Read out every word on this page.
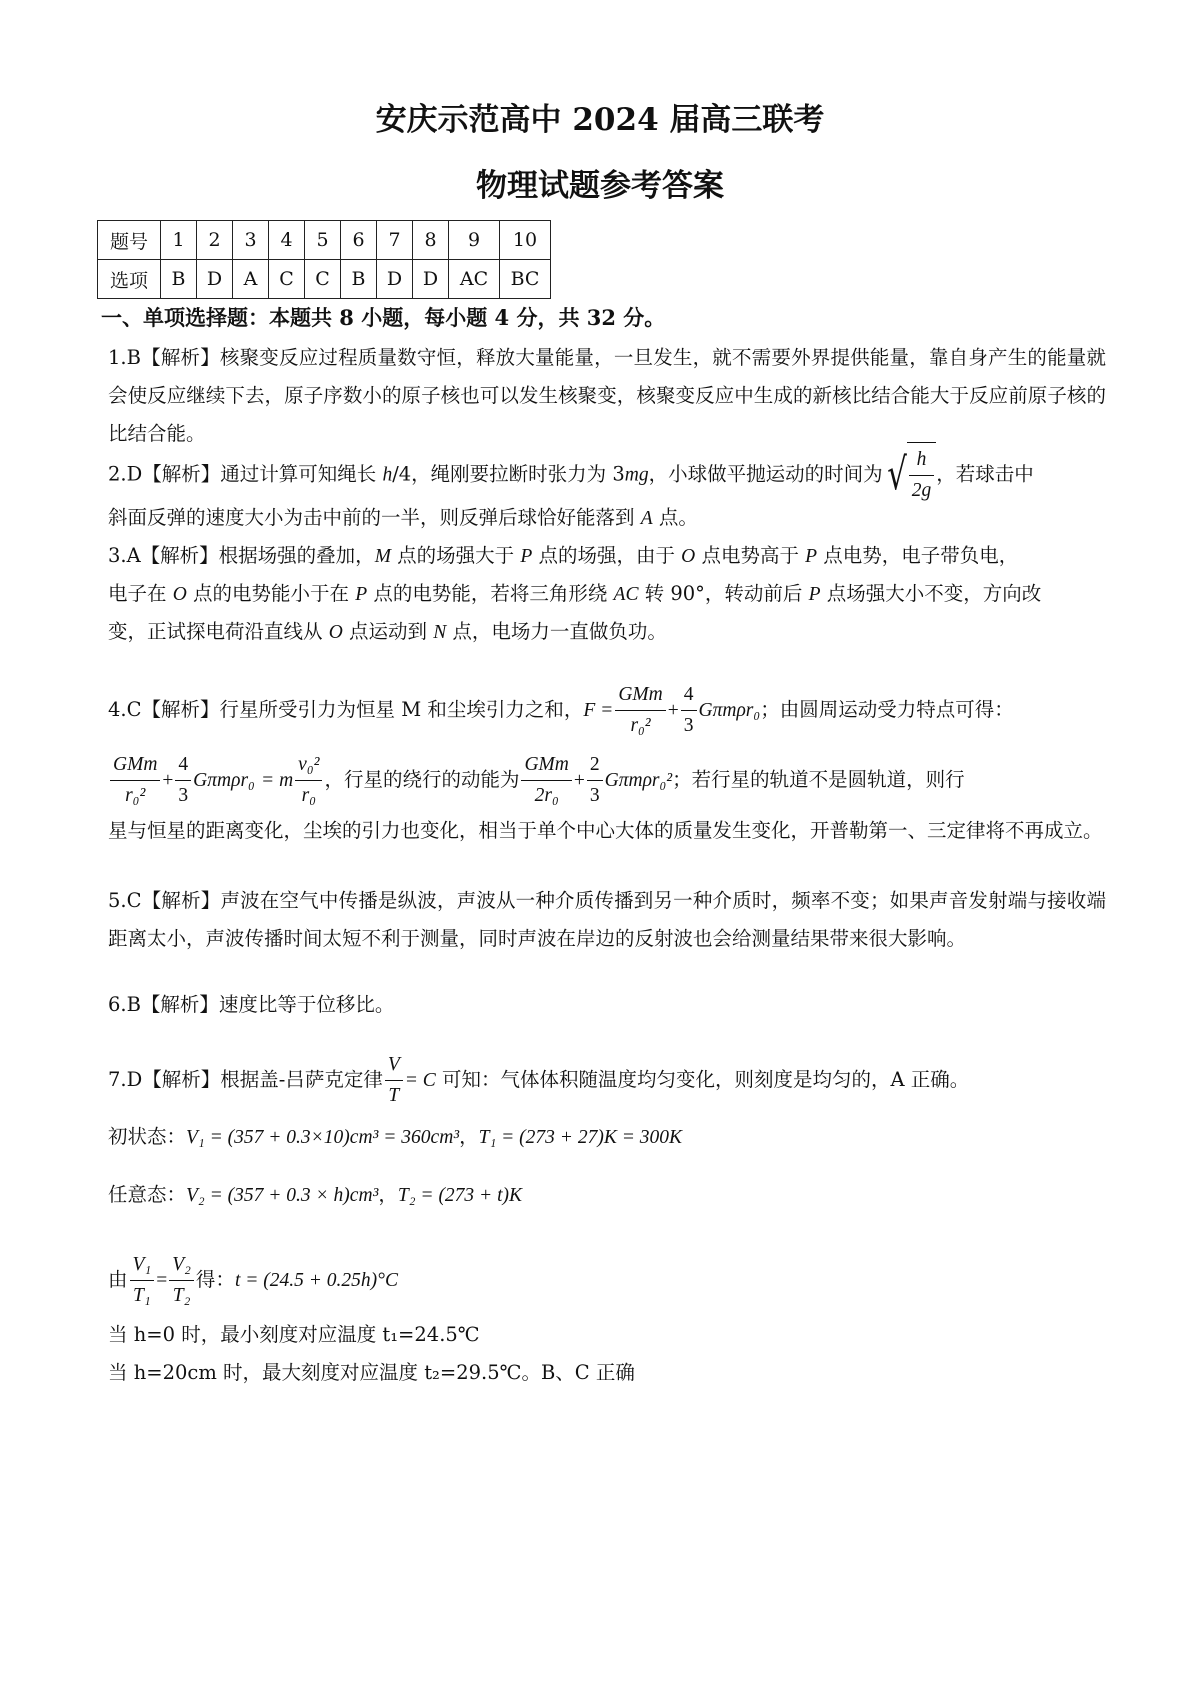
安庆示范高中 2024 届高三联考
物理试题参考答案
题号	1	2	3	4	5	6	7	8	9	10
选项	B	D	A	C	C	B	D	D	AC	BC
一、单项选择题：本题共 8 小题，每小题 4 分，共 32 分。
1.B【解析】核聚变反应过程质量数守恒，释放大量能量，一旦发生，就不需要外界提供能量，靠自身产生的能量就会使反应继续下去，原子序数小的原子核也可以发生核聚变，核聚变反应中生成的新核比结合能大于反应前原子核的比结合能。
2.D【解析】通过计算可知绳长 h/4，绳刚要拉断时张力为 3mg，小球做平抛运动的时间为 √ $\frac{h}{2g}$ ，若球击中
斜面反弹的速度大小为击中前的一半，则反弹后球恰好能落到 A 点。
3.A【解析】根据场强的叠加，M 点的场强大于 P 点的场强，由于 O 点电势高于 P 点电势，电子带负电，
电子在 O 点的电势能小于在 P 点的电势能，若将三角形绕 AC 转 90°，转动前后 P 点场强大小不变，方向改
变，正试探电荷沿直线从 O 点运动到 N 点，电场力一直做负功。
4.C【解析】行星所受引力为恒星 M 和尘埃引力之和，$F = \frac{\text{GMm}}{\text{r₀²}} + \frac{4}{3} G\pi m\rho r_0$；由圆周运动受力特点可得：
$\frac{\text{GMm}}{\text{r₀²}} + \frac{4}{3} G\pi m\rho r_0 = m \frac{\text{v₀²}}{\text{r₀}}$ ，行星的绕行的动能为 $\frac{\text{GMm}}{\text{2r₀}} + \frac{2}{3} G\pi m\rho r_0^2$；若行星的轨道不是圆轨道，则行
星与恒星的距离变化，尘埃的引力也变化，相当于单个中心大体的质量发生变化，开普勒第一、三定律将不再成立。
5.C【解析】声波在空气中传播是纵波，声波从一种介质传播到另一种介质时，频率不变；如果声音发射端与接收端距离太小，声波传播时间太短不利于测量，同时声波在岸边的反射波也会给测量结果带来很大影响。
6.B【解析】速度比等于位移比。
7.D【解析】根据盖-吕萨克定律 $\frac{V}{T} = C$ 可知：气体体积随温度均匀变化，则刻度是均匀的，A 正确。
初状态：V₁ = (357 + 0.3×10)cm³ = 360cm³，T₁ = (273 + 27)K = 300K
任意态：V₂ = (357 + 0.3 × h)cm³，T₂ = (273 + t)K
由 $\frac{\text{V₁}}{\text{T₁}} = \frac{\text{V₂}}{\text{T₂}}$ 得：t = (24.5 + 0.25h)°C
当 h=0 时，最小刻度对应温度 t₁=24.5℃
当 h=20cm 时，最大刻度对应温度 t₂=29.5℃。B、C 正确
